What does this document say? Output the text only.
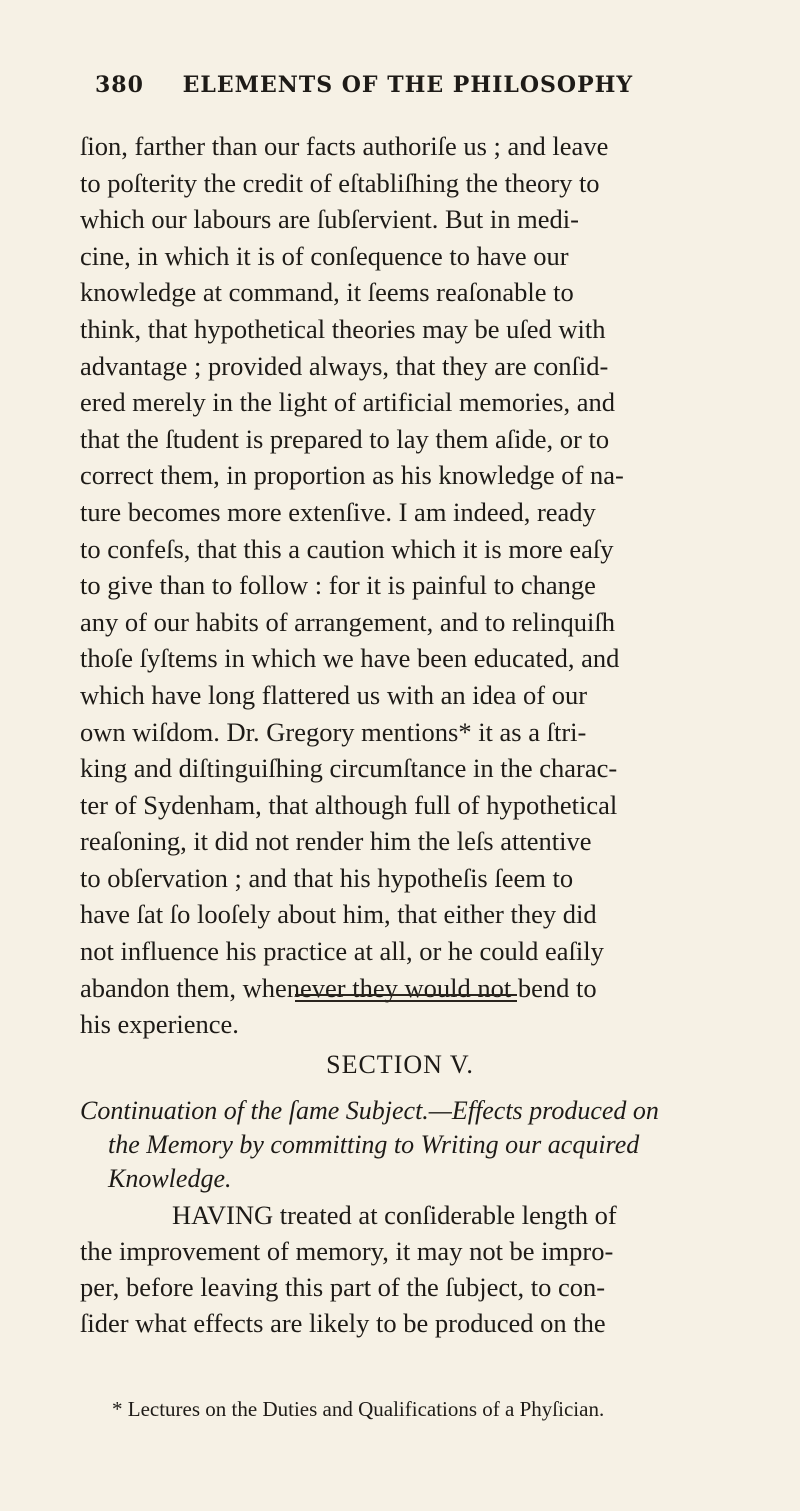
380 ELEMENTS OF THE PHILOSOPHY
ſion, farther than our facts authoriſe us ; and leave
to poſterity the credit of eſtabliſhing the theory to
which our labours are ſubſervient. But in medi-
cine, in which it is of conſequence to have our
knowledge at command, it ſeems reaſonable to
think, that hypothetical theories may be uſed with
advantage ; provided always, that they are conſid-
ered merely in the light of artificial memories, and
that the ſtudent is prepared to lay them aſide, or to
correct them, in proportion as his knowledge of na-
ture becomes more extenſive. I am indeed, ready
to confeſs, that this a caution which it is more eaſy
to give than to follow : for it is painful to change
any of our habits of arrangement, and to relinquiſh
thoſe ſyſtems in which we have been educated, and
which have long flattered us with an idea of our
own wiſdom. Dr. Gregory mentions* it as a ſtri-
king and diſtinguiſhing circumſtance in the charac-
ter of Sydenham, that although full of hypothetical
reaſoning, it did not render him the leſs attentive
to obſervation ; and that his hypotheſis ſeem to
have ſat ſo looſely about him, that either they did
not influence his practice at all, or he could eaſily
abandon them, whenever they would not bend to
his experience.
SECTION V.
Continuation of the ſame Subject.—Effects produced on
the Memory by committing to Writing our acquired
Knowledge.
HAVING treated at conſiderable length of
the improvement of memory, it may not be impro-
per, before leaving this part of the ſubject, to con-
ſider what effects are likely to be produced on the
* Lectures on the Duties and Qualifications of a Phyſician.
